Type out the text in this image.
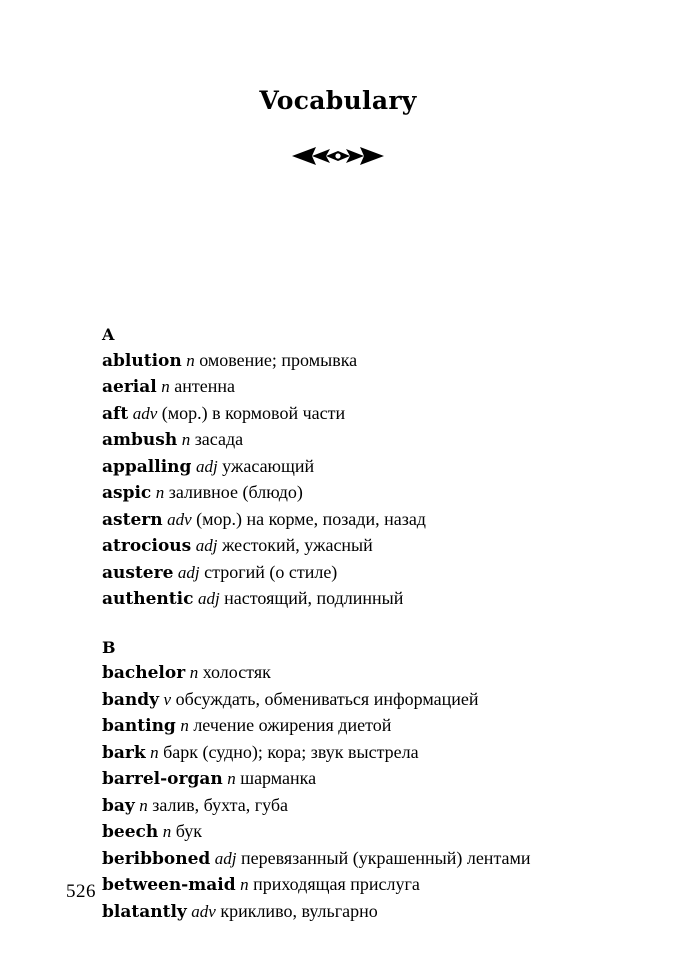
Vocabulary
A
ablution n омовение; промывка
aerial n антенна
aft adv (мор.) в кормовой части
ambush n засада
appalling adj ужасающий
aspic n заливное (блюдо)
astern adv (мор.) на корме, позади, назад
atrocious adj жестокий, ужасный
austere adj строгий (о стиле)
authentic adj настоящий, подлинный
B
bachelor n холостяк
bandy v обсуждать, обмениваться информацией
banting n лечение ожирения диетой
bark n барк (судно); кора; звук выстрела
barrel-organ n шарманка
bay n залив, бухта, губа
beech n бук
beribboned adj перевязанный (украшенный) лентами
between-maid n приходящая прислуга
blatantly adv крикливо, вульгарно
526
